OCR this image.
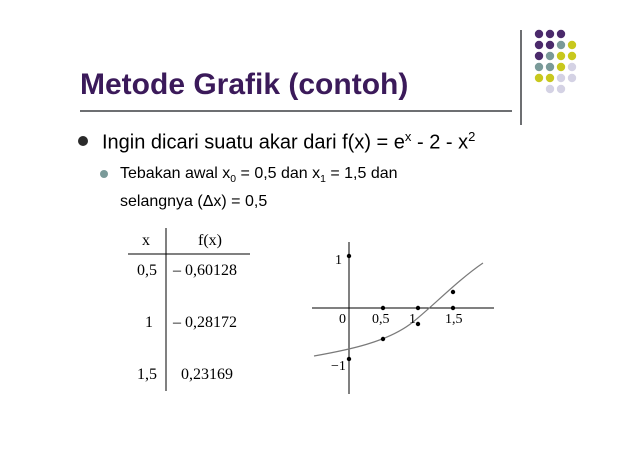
Metode Grafik (contoh)
Ingin dicari suatu akar dari $f(x) = e^x - 2 - x^2$
Tebakan awal $x_0 = 0,5$ dan $x_1 = 1,5$ dan
selangnya (Δx) = 0,5
x	f(x)
0,5 – 0,60128
1 – 0,28172
1,5 0,23169
1
−1
0 0,5 1 1,5
